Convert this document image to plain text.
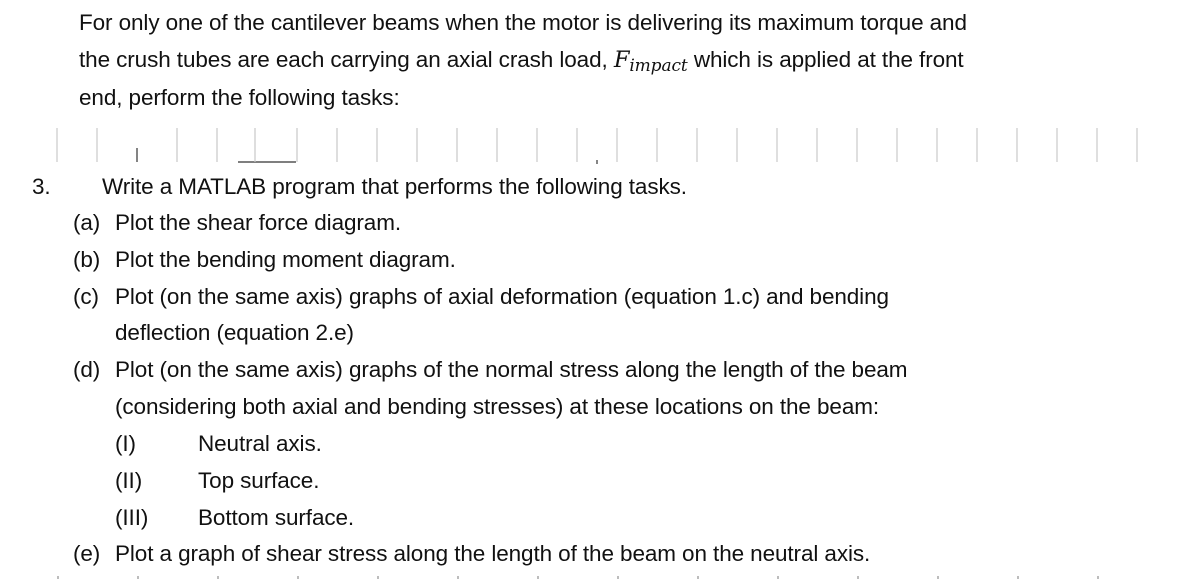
For only one of the cantilever beams when the motor is delivering its maximum torque and
the crush tubes are each carrying an axial crash load, Fimpact which is applied at the front
end, perform the following tasks:
3. Write a MATLAB program that performs the following tasks.
(a) Plot the shear force diagram.
(b) Plot the bending moment diagram.
(c) Plot (on the same axis) graphs of axial deformation (equation 1.c) and bending
deflection (equation 2.e)
(d) Plot (on the same axis) graphs of the normal stress along the length of the beam
(considering both axial and bending stresses) at these locations on the beam:
(I)	Neutral axis.
(II) Top surface.
(III) Bottom surface.
(e) Plot a graph of shear stress along the length of the beam on the neutral axis.
